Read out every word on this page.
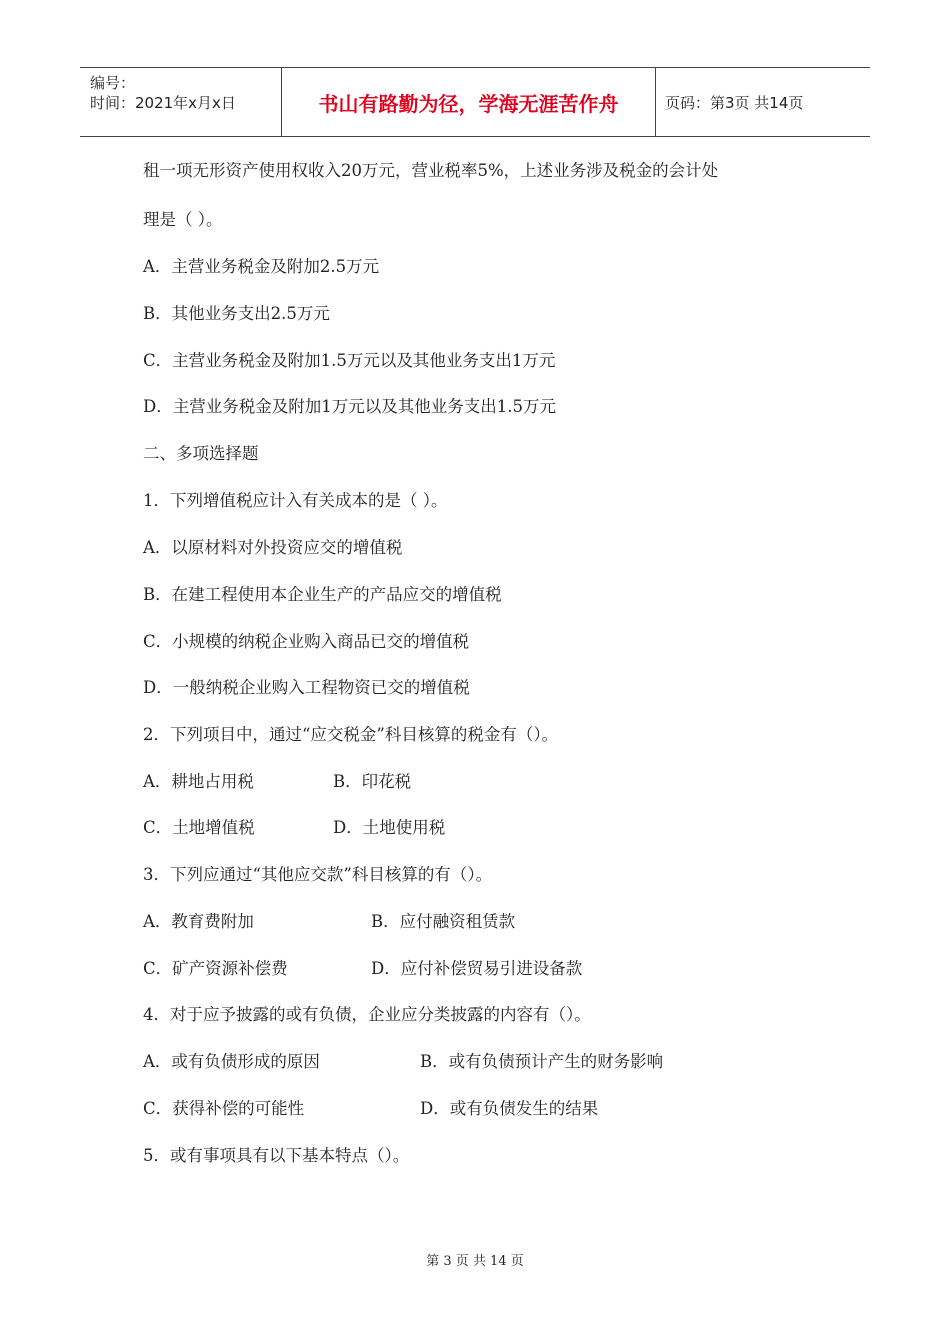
编号：
时间：2021年x月x日	书山有路勤为径，学海无涯苦作舟	页码：第3页 共14页
租一项无形资产使用权收入20万元，营业税率5%，上述业务涉及税金的会计处
理是（ ）。
A．主营业务税金及附加2.5万元
B．其他业务支出2.5万元
C．主营业务税金及附加1.5万元以及其他业务支出1万元
D．主营业务税金及附加1万元以及其他业务支出1.5万元
二、多项选择题
1．下列增值税应计入有关成本的是（ ）。
A．以原材料对外投资应交的增值税
B．在建工程使用本企业生产的产品应交的增值税
C．小规模的纳税企业购入商品已交的增值税
D．一般纳税企业购入工程物资已交的增值税
2．下列项目中，通过“应交税金”科目核算的税金有（）。
A．耕地占用税	B．印花税
C．土地增值税	D．土地使用税
3．下列应通过“其他应交款”科目核算的有（）。
A．教育费附加	B．应付融资租赁款
C．矿产资源补偿费	D．应付补偿贸易引进设备款
4．对于应予披露的或有负债，企业应分类披露的内容有（）。
A．或有负债形成的原因	B．或有负债预计产生的财务影响
C．获得补偿的可能性	D．或有负债发生的结果
5．或有事项具有以下基本特点（）。
第 3 页 共 14 页
